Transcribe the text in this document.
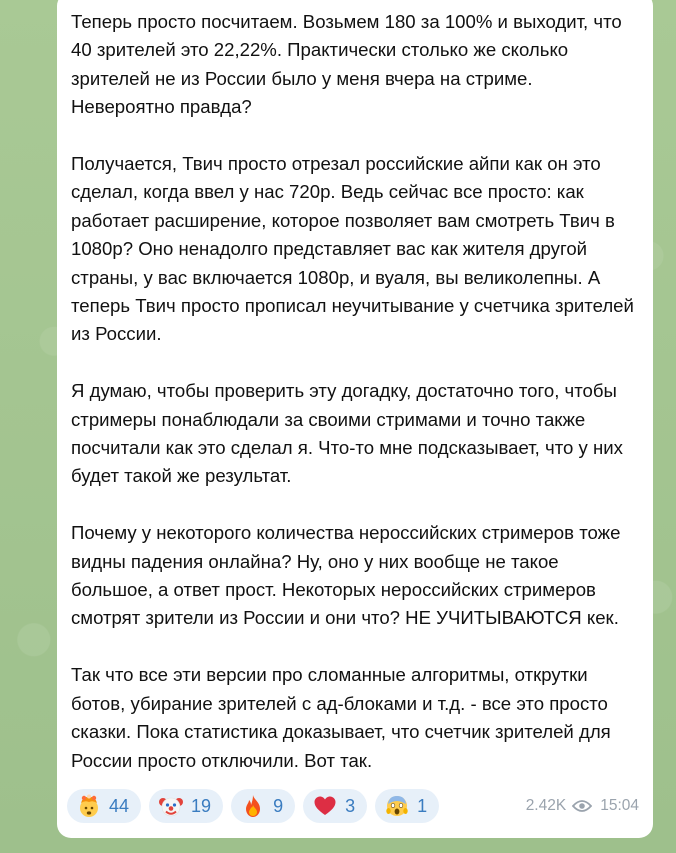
Теперь просто посчитаем. Возьмем 180 за 100% и выходит, что 40 зрителей это 22,22%. Практически столько же сколько зрителей не из России было у меня вчера на стриме. Невероятно правда?

Получается, Твич просто отрезал российские айпи как он это сделал, когда ввел у нас 720р. Ведь сейчас все просто: как работает расширение, которое позволяет вам смотреть Твич в 1080р? Оно ненадолго представляет вас как жителя другой страны, у вас включается 1080р, и вуаля, вы великолепны. А теперь Твич просто прописал неучитывание у счетчика зрителей из России.

Я думаю, чтобы проверить эту догадку, достаточно того, чтобы стримеры понаблюдали за своими стримами и точно также посчитали как это сделал я. Что-то мне подсказывает, что у них будет такой же результат.

Почему у некоторого количества нероссийских стримеров тоже видны падения онлайна? Ну, оно у них вообще не такое большое, а ответ прост. Некоторых нероссийских стримеров смотрят зрители из России и они что? НЕ УЧИТЫВАЮТСЯ кек.

Так что все эти версии про сломанные алгоритмы, открутки ботов, убирание зрителей с ад-блоками и т.д. - все это просто сказки. Пока статистика доказывает, что счетчик зрителей для России просто отключили. Вот так.

44	19	9	3	1	2.42K 15:04
